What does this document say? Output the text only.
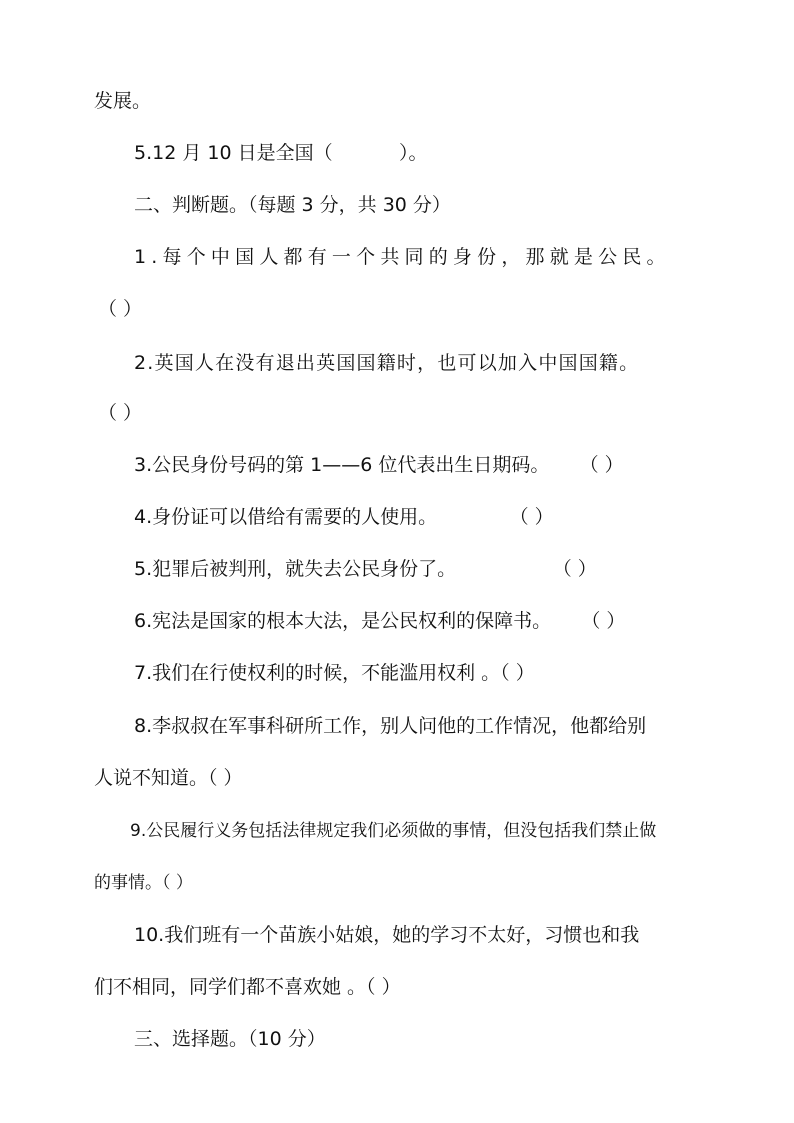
发展。
5.12 月 10 日是全国（           ）。
二、判断题。（每题 3 分，共 30 分）
1.每个中国人都有一个共同的身份，那就是公民。
（ ）
2.英国人在没有退出英国国籍时，也可以加入中国国籍。
（ ）
3.公民身份号码的第 1——6 位代表出生日期码。     （ ）
4.身份证可以借给有需要的人使用。            （ ）
5.犯罪后被判刑，就失去公民身份了。                （ ）
6.宪法是国家的根本大法，是公民权利的保障书。     （ ）
7.我们在行使权利的时候，不能滥用权利 。（ ）
8.李叔叔在军事科研所工作，别人问他的工作情况，他都给别
人说不知道。（ ）
9.公民履行义务包括法律规定我们必须做的事情，但没包括我们禁止做
的事情。（ ）
10.我们班有一个苗族小姑娘，她的学习不太好，习惯也和我
们不相同，同学们都不喜欢她 。（ ）
三、选择题。（10 分）
